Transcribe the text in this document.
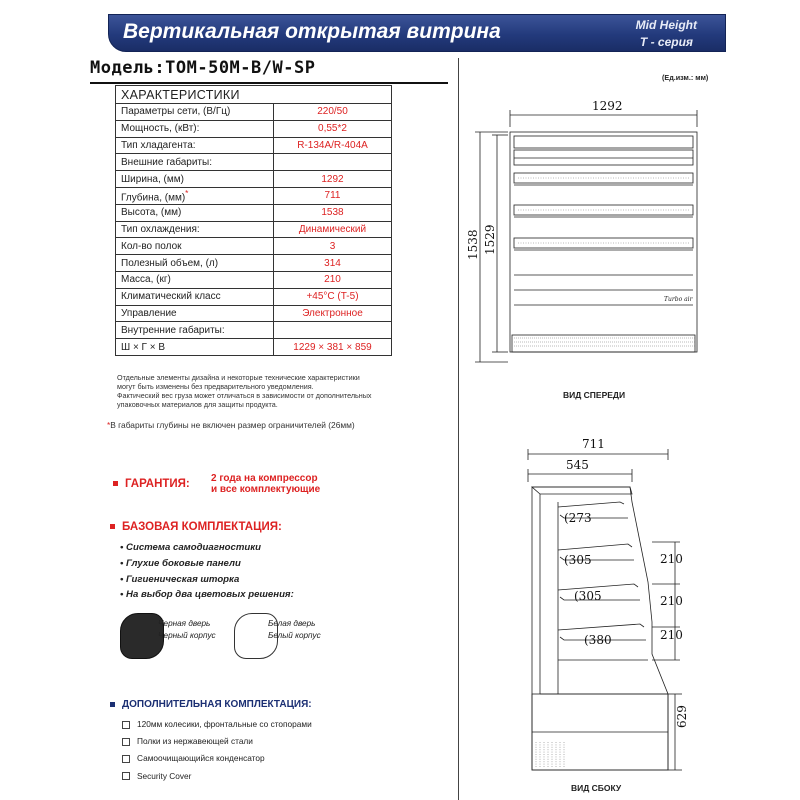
Вертикальная открытая витрина	Mid Height
T - серия
Модель:TOM-50M-B/W-SP
ХАРАКТЕРИСТИКИ	
Параметры сети, (В/Гц)	220/50
Мощность, (кВт):	0,55*2
Тип хладагента:	R-134A/R-404A
Внешние габариты:	
Ширина, (мм)	1292
Глубина, (мм)*	711
Высота, (мм)	1538
Тип охлаждения:	Динамический
Кол-во полок	3
Полезный объем, (л)	314
Масса, (кг)	210
Климатический класс	+45°C (T-5)
Управление	Электронное
Внутренние габариты:	
Ш × Г × В	1229 × 381 × 859
Отдельные элементы дизайна и некоторые технические характеристики
могут быть изменены без предварительного уведомления.
Фактический вес груза может отличаться в зависимости от дополнительных
упаковочных материалов для защиты продукта.
*В габариты глубины не включен размер ограничителей (26мм)
ГАРАНТИЯ: 2 года на компрессор
и все комплектующие
БАЗОВАЯ КОМПЛЕКТАЦИЯ:
• Система самодиагностики
• Глухие боковые панели
• Гигиеническая шторка
• На выбор два цветовых решения:
Черная дверь
Черный корпус
Белая дверь
Белый корпус
ДОПОЛНИТЕЛЬНАЯ КОМПЛЕКТАЦИЯ:
120мм колесики, фронтальные со стопорами
Полки из нержавеющей стали
Самоочищающийся конденсатор
Security Cover
(Ед.изм.: мм)
1292
1538 1529
Turbo air
ВИД СПЕРЕДИ
711
545
(273
(305
(305
(380
210
210
210
629
ВИД СБОКУ
